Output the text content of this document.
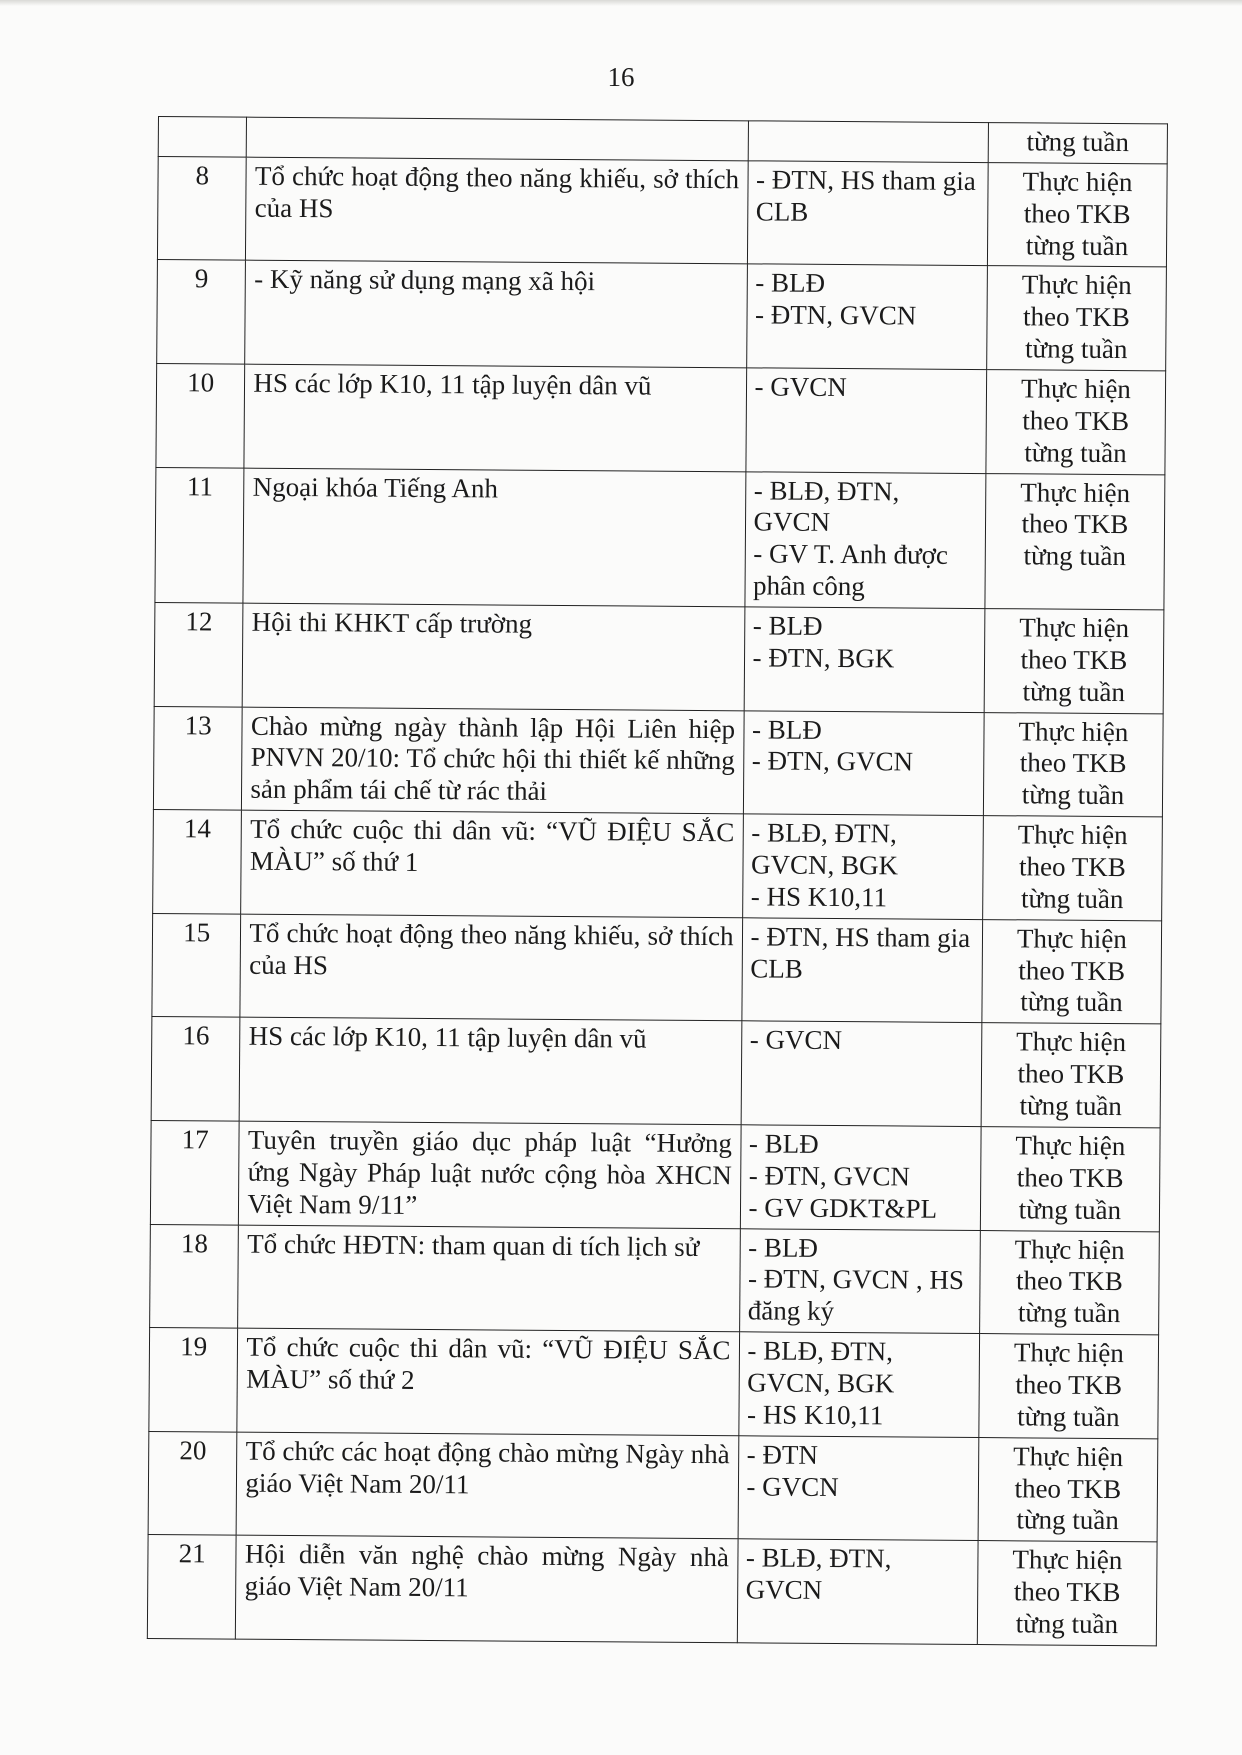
16

			từng tuần

8	Tổ chức hoạt động theo năng khiếu, sở thích của HS	- ĐTN, HS tham gia CLB	Thực hiện
theo TKB
từng tuần

9	- Kỹ năng sử dụng mạng xã hội	- BLĐ
- ĐTN, GVCN	Thực hiện
theo TKB
từng tuần

10	HS các lớp K10, 11 tập luyện dân vũ	- GVCN	Thực hiện
theo TKB
từng tuần

11	Ngoại khóa Tiếng Anh	- BLĐ, ĐTN, GVCN
- GV T. Anh được phân công	Thực hiện
theo TKB
từng tuần

12	Hội thi KHKT cấp trường	- BLĐ
- ĐTN, BGK	Thực hiện
theo TKB
từng tuần

13	Chào mừng ngày thành lập Hội Liên hiệp PNVN 20/10: Tổ chức hội thi thiết kế những sản phẩm tái chế từ rác thải	- BLĐ
- ĐTN, GVCN	Thực hiện
theo TKB
từng tuần

14	Tổ chức cuộc thi dân vũ: “VŨ ĐIỆU SẮC MÀU” số thứ 1	- BLĐ, ĐTN, GVCN, BGK
- HS K10,11	Thực hiện
theo TKB
từng tuần

15	Tổ chức hoạt động theo năng khiếu, sở thích của HS	- ĐTN, HS tham gia CLB	Thực hiện
theo TKB
từng tuần

16	HS các lớp K10, 11 tập luyện dân vũ	- GVCN	Thực hiện
theo TKB
từng tuần

17	Tuyên truyền giáo dục pháp luật “Hưởng ứng Ngày Pháp luật nước cộng hòa XHCN Việt Nam 9/11”	- BLĐ
- ĐTN, GVCN
- GV GDKT&PL	Thực hiện
theo TKB
từng tuần

18	Tổ chức HĐTN: tham quan di tích lịch sử	- BLĐ
- ĐTN, GVCN , HS đăng ký	Thực hiện
theo TKB
từng tuần

19	Tổ chức cuộc thi dân vũ: “VŨ ĐIỆU SẮC MÀU” số thứ 2	- BLĐ, ĐTN, GVCN, BGK
- HS K10,11	Thực hiện
theo TKB
từng tuần

20	Tổ chức các hoạt động chào mừng Ngày nhà giáo Việt Nam 20/11	- ĐTN
- GVCN	Thực hiện
theo TKB
từng tuần

21	Hội diễn văn nghệ chào mừng Ngày nhà giáo Việt Nam 20/11	- BLĐ, ĐTN, GVCN	Thực hiện
theo TKB
từng tuần
